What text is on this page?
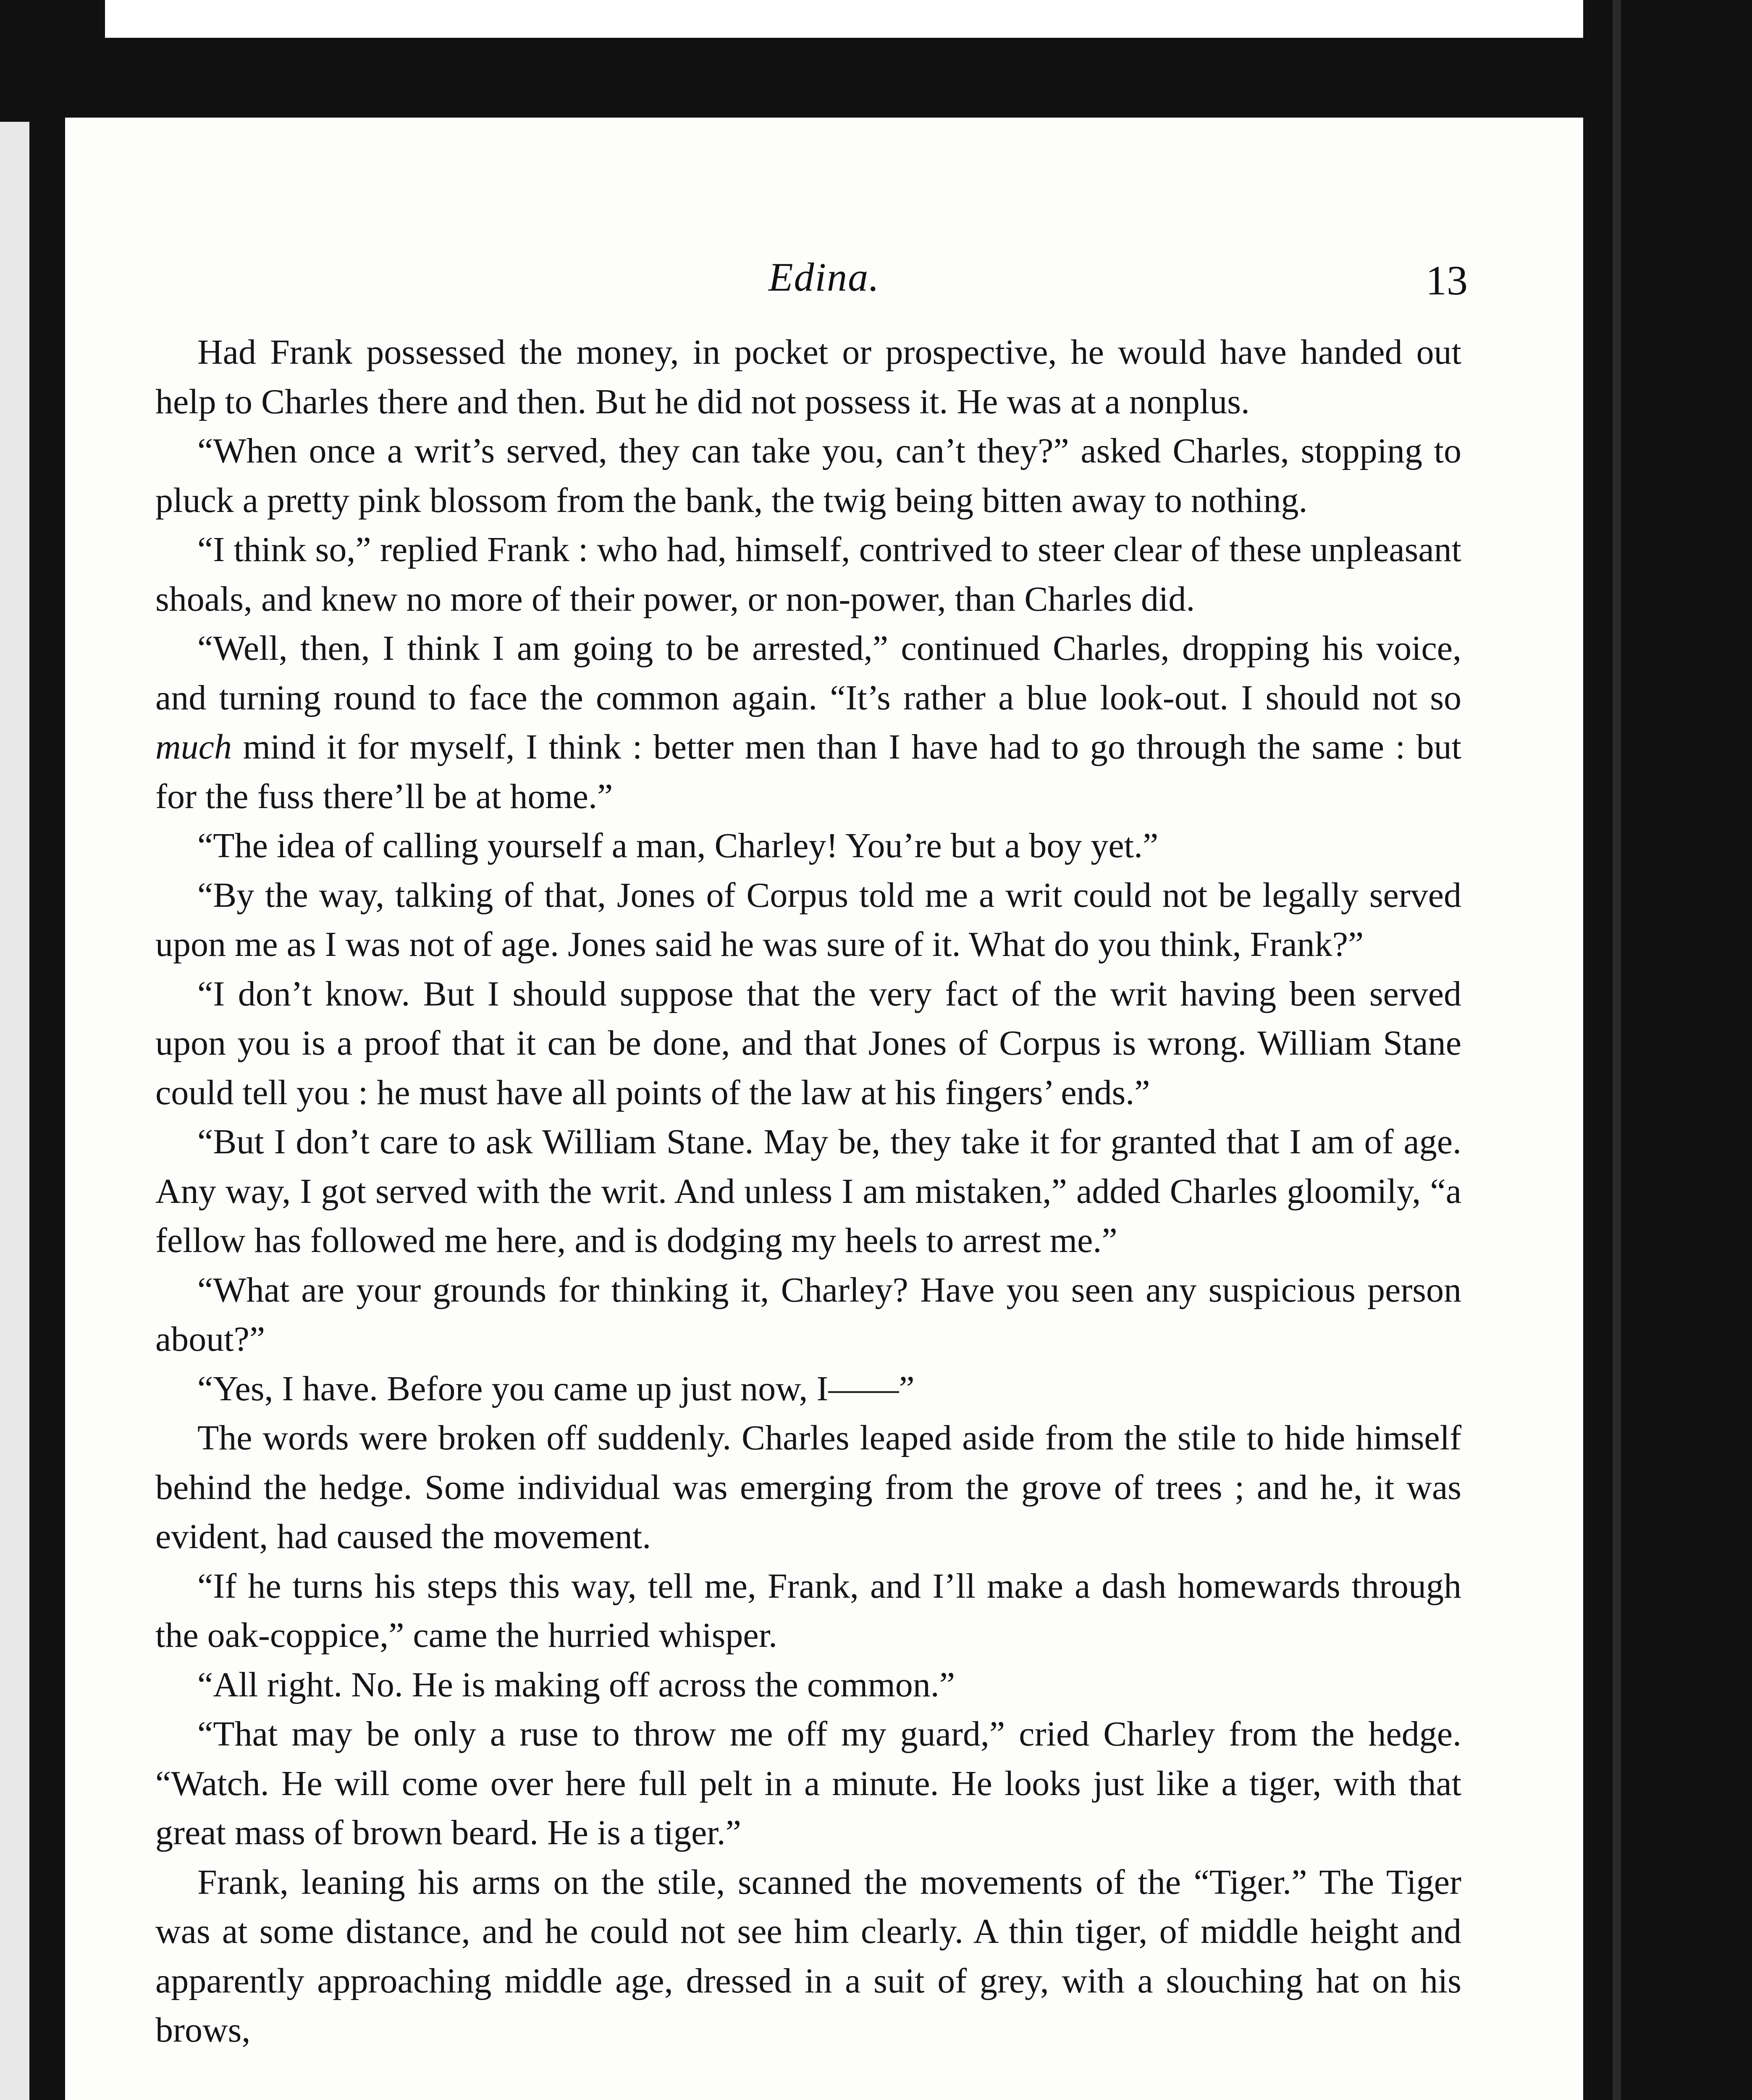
Edina.	13

Had Frank possessed the money, in pocket or prospective, he would have handed out help to Charles there and then. But he did not possess it. He was at a nonplus.

“When once a writ’s served, they can take you, can’t they?” asked Charles, stopping to pluck a pretty pink blossom from the bank, the twig being bitten away to nothing.

“I think so,” replied Frank : who had, himself, contrived to steer clear of these unpleasant shoals, and knew no more of their power, or non-power, than Charles did.

“Well, then, I think I am going to be arrested,” continued Charles, dropping his voice, and turning round to face the common again. “It’s rather a blue look-out. I should not so much mind it for myself, I think : better men than I have had to go through the same : but for the fuss there’ll be at home.”

“The idea of calling yourself a man, Charley! You’re but a boy yet.”

“By the way, talking of that, Jones of Corpus told me a writ could not be legally served upon me as I was not of age. Jones said he was sure of it. What do you think, Frank?”

“I don’t know. But I should suppose that the very fact of the writ having been served upon you is a proof that it can be done, and that Jones of Corpus is wrong. William Stane could tell you : he must have all points of the law at his fingers’ ends.”

“But I don’t care to ask William Stane. May be, they take it for granted that I am of age. Any way, I got served with the writ. And unless I am mistaken,” added Charles gloomily, “a fellow has followed me here, and is dodging my heels to arrest me.”

“What are your grounds for thinking it, Charley? Have you seen any suspicious person about?”

“Yes, I have. Before you came up just now, I——”

The words were broken off suddenly. Charles leaped aside from the stile to hide himself behind the hedge. Some individual was emerging from the grove of trees ; and he, it was evident, had caused the movement.

“If he turns his steps this way, tell me, Frank, and I’ll make a dash homewards through the oak-coppice,” came the hurried whisper.

“All right. No. He is making off across the common.”

“That may be only a ruse to throw me off my guard,” cried Charley from the hedge. “Watch. He will come over here full pelt in a minute. He looks just like a tiger, with that great mass of brown beard. He is a tiger.”

Frank, leaning his arms on the stile, scanned the movements of the “Tiger.” The Tiger was at some distance, and he could not see him clearly. A thin tiger, of middle height and apparently approaching middle age, dressed in a suit of grey, with a slouching hat on his brows,
